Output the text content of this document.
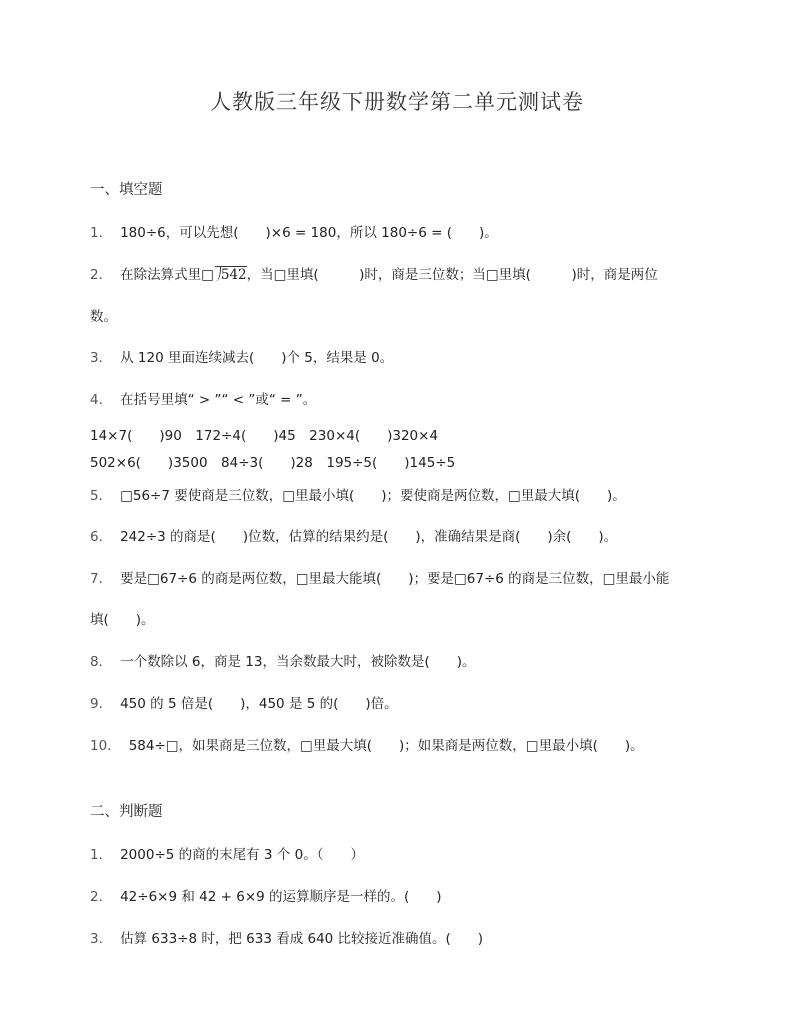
人教版三年级下册数学第二单元测试卷
一、填空题
1． 180÷6，可以先想(　　)×6 = 180，所以 180÷6 = (　　)。
2． 在除法算式里□ 542，当□里填(　　　)时，商是三位数；当□里填(　　　)时，商是两位
数。
3． 从 120 里面连续减去(　　)个 5，结果是 0。
4． 在括号里填“ > ”“ < ”或“ = ”。
14×7(　　)90　172÷4(　　)45　230×4(　　)320×4
502×6(　　)3500　84÷3(　　)28　195÷5(　　)145÷5
5． □56÷7 要使商是三位数，□里最小填(　　)；要使商是两位数，□里最大填(　　)。
6． 242÷3 的商是(　　)位数，估算的结果约是(　　)，准确结果是商(　　)余(　　)。
7． 要是□67÷6 的商是两位数，□里最大能填(　　)；要是□67÷6 的商是三位数，□里最小能
填(　　)。
8． 一个数除以 6，商是 13，当余数最大时，被除数是(　　)。
9． 450 的 5 倍是(　　)，450 是 5 的(　　)倍。
10． 584÷□，如果商是三位数，□里最大填(　　)；如果商是两位数，□里最小填(　　)。
二、判断题
1． 2000÷5 的商的末尾有 3 个 0。（　　）
2． 42÷6×9 和 42 + 6×9 的运算顺序是一样的。(　　)
3． 估算 633÷8 时，把 633 看成 640 比较接近准确值。(　　)
